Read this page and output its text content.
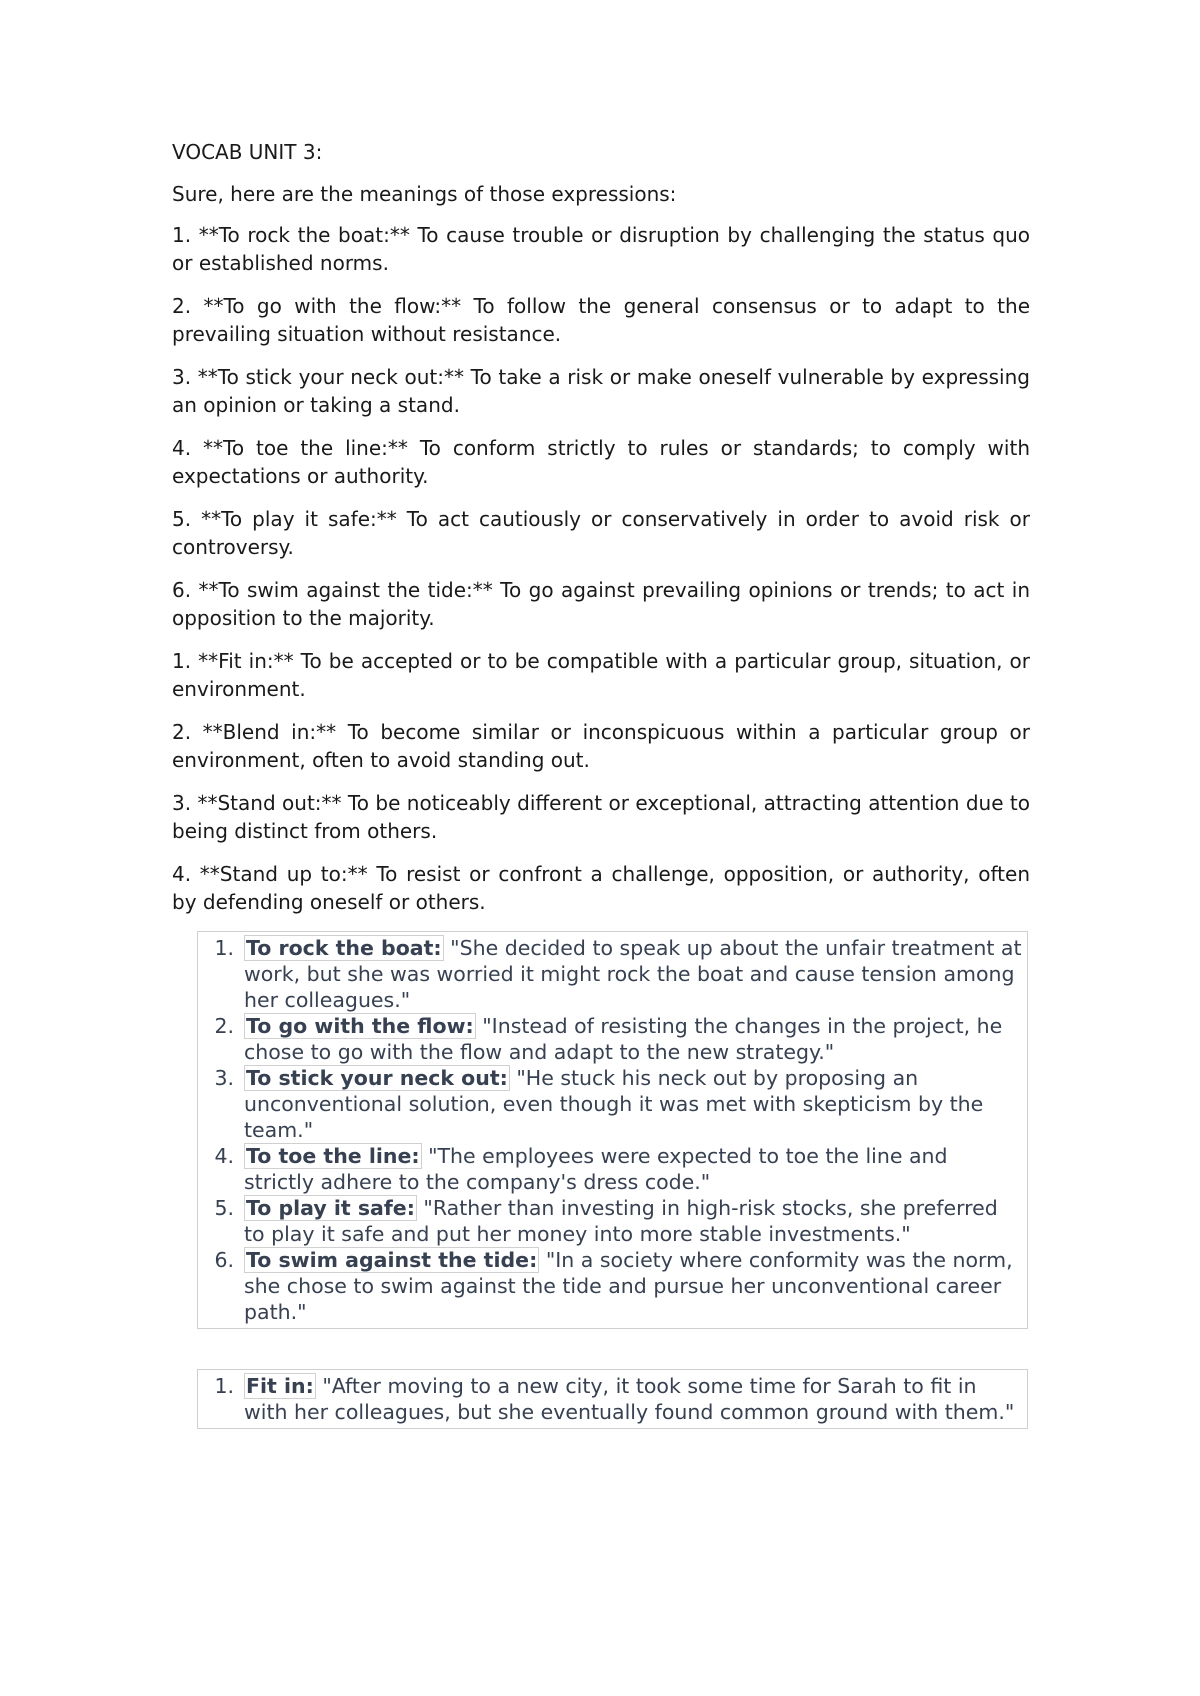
VOCAB UNIT 3:

Sure, here are the meanings of those expressions:

1. **To rock the boat:** To cause trouble or disruption by challenging the status quo or established norms.

2. **To go with the flow:** To follow the general consensus or to adapt to the prevailing situation without resistance.

3. **To stick your neck out:** To take a risk or make oneself vulnerable by expressing an opinion or taking a stand.

4. **To toe the line:** To conform strictly to rules or standards; to comply with expectations or authority.

5. **To play it safe:** To act cautiously or conservatively in order to avoid risk or controversy.

6. **To swim against the tide:** To go against prevailing opinions or trends; to act in opposition to the majority.

1. **Fit in:** To be accepted or to be compatible with a particular group, situation, or environment.

2. **Blend in:** To become similar or inconspicuous within a particular group or environment, often to avoid standing out.

3. **Stand out:** To be noticeably different or exceptional, attracting attention due to being distinct from others.

4. **Stand up to:** To resist or confront a challenge, opposition, or authority, often by defending oneself or others.

1. To rock the boat: "She decided to speak up about the unfair treatment at work, but she was worried it might rock the boat and cause tension among her colleagues."
2. To go with the flow: "Instead of resisting the changes in the project, he chose to go with the flow and adapt to the new strategy."
3. To stick your neck out: "He stuck his neck out by proposing an unconventional solution, even though it was met with skepticism by the team."
4. To toe the line: "The employees were expected to toe the line and strictly adhere to the company's dress code."
5. To play it safe: "Rather than investing in high-risk stocks, she preferred to play it safe and put her money into more stable investments."
6. To swim against the tide: "In a society where conformity was the norm, she chose to swim against the tide and pursue her unconventional career path."
1. Fit in: "After moving to a new city, it took some time for Sarah to fit in with her colleagues, but she eventually found common ground with them."
